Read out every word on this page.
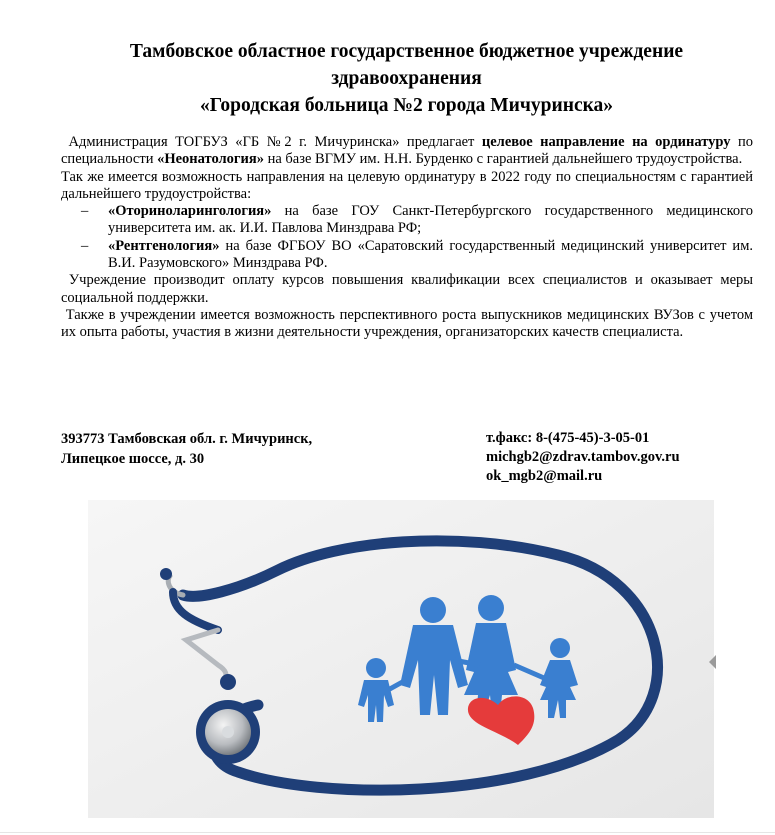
Тамбовское областное государственное бюджетное учреждение
здравоохранения
«Городская больница №2 города Мичуринска»

Администрация ТОГБУЗ «ГБ №2 г. Мичуринска» предлагает целевое направление на ординатуру по специальности «Неонатология» на базе ВГМУ им. Н.Н. Бурденко с гарантией дальнейшего трудоустройства.

Так же имеется возможность направления на целевую ординатуру в 2022 году по специальностям с гарантией дальнейшего трудоустройства:

– «Оториноларингология» на базе ГОУ Санкт-Петербургского государственного медицинского университета им. ак. И.И. Павлова Минздрава РФ;
– «Рентгенология» на базе ФГБОУ ВО «Саратовский государственный медицинский университет им. В.И. Разумовского» Минздрава РФ.

Учреждение производит оплату курсов повышения квалификации всех специалистов и оказывает меры социальной поддержки.

Также в учреждении имеется возможность перспективного роста выпускников медицинских ВУЗов с учетом их опыта работы, участия в жизни деятельности учреждения, организаторских качеств специалиста.

393773 Тамбовская обл. г. Мичуринск,
Липецкое шоссе, д. 30
т.факс: 8-(475-45)-3-05-01
michgb2@zdrav.tambov.gov.ru
ok_mgb2@mail.ru
